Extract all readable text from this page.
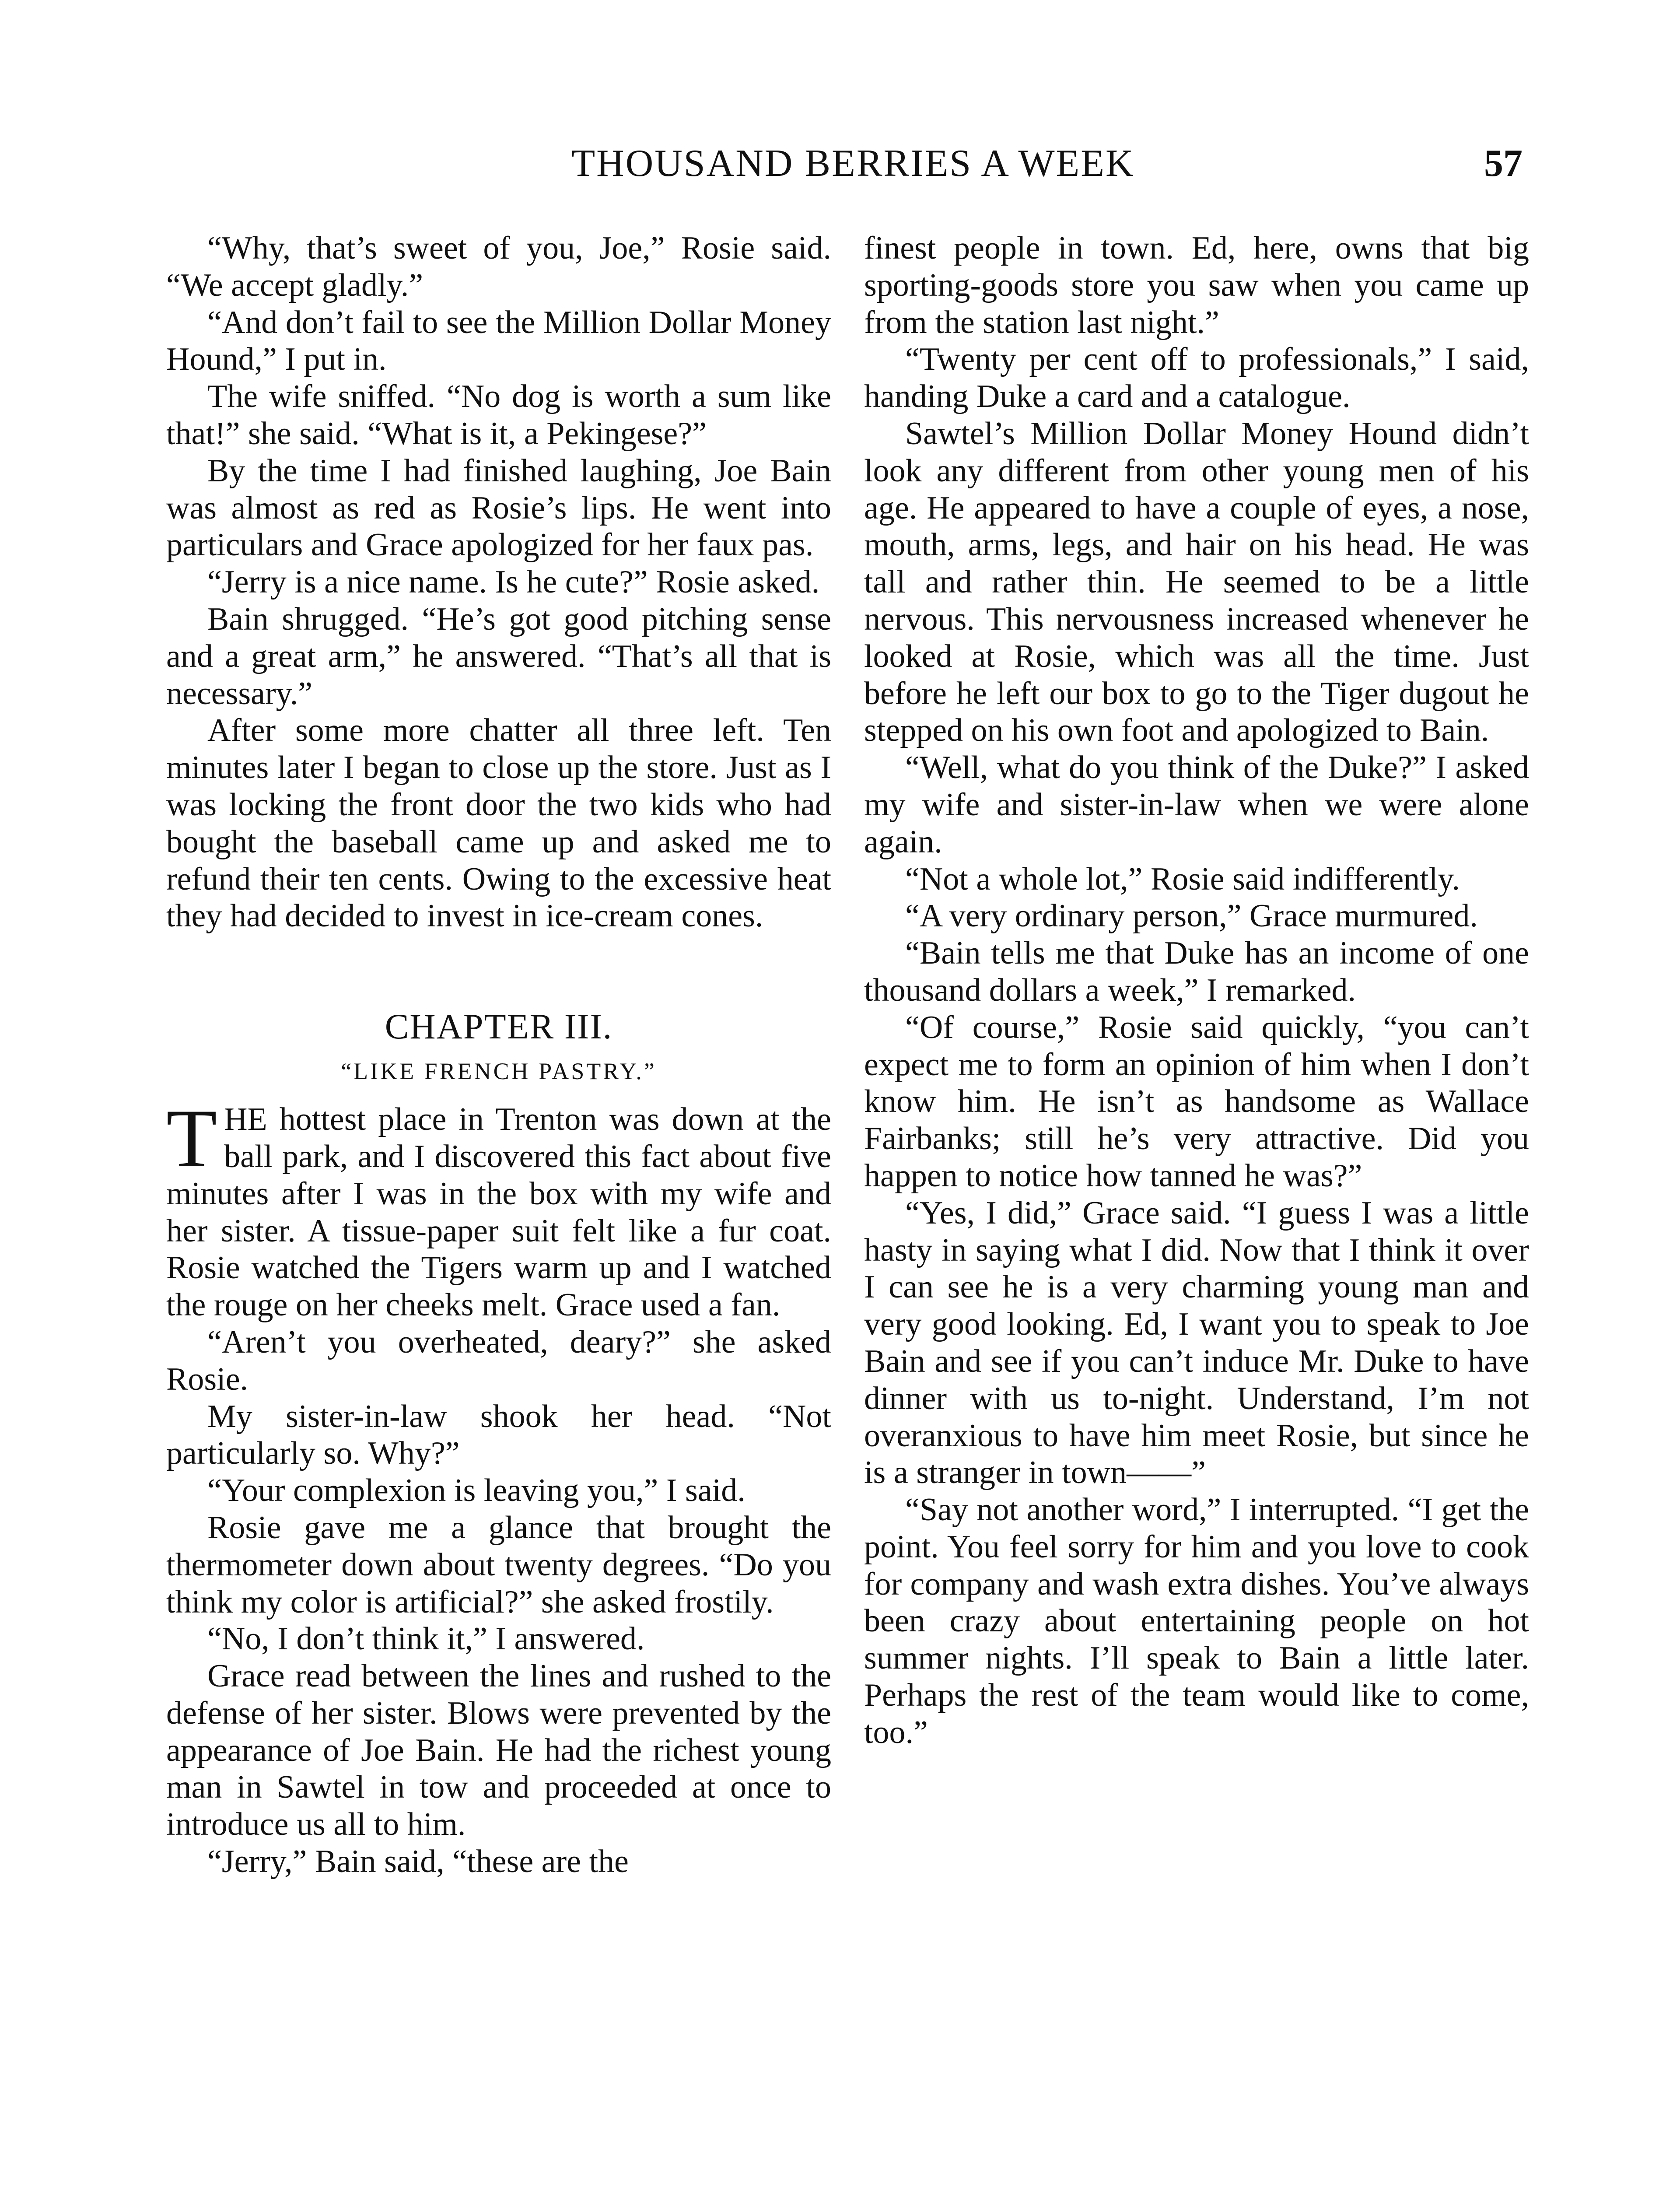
THOUSAND BERRIES A WEEK	57

“Why, that’s sweet of you, Joe,” Rosie said. “We accept gladly.”

“And don’t fail to see the Million Dollar Money Hound,” I put in.

The wife sniffed. “No dog is worth a sum like that!” she said. “What is it, a Pekingese?”

By the time I had finished laughing, Joe Bain was almost as red as Rosie’s lips. He went into particulars and Grace apologized for her faux pas.

“Jerry is a nice name. Is he cute?” Rosie asked.

Bain shrugged. “He’s got good pitching sense and a great arm,” he answered. “That’s all that is necessary.”

After some more chatter all three left. Ten minutes later I began to close up the store. Just as I was locking the front door the two kids who had bought the baseball came up and asked me to refund their ten cents. Owing to the excessive heat they had decided to invest in ice-cream cones.

CHAPTER III.
“LIKE FRENCH PASTRY.”

THE hottest place in Trenton was down at the ball park, and I discovered this fact about five minutes after I was in the box with my wife and her sister. A tissue-paper suit felt like a fur coat. Rosie watched the Tigers warm up and I watched the rouge on her cheeks melt. Grace used a fan.

“Aren’t you overheated, deary?” she asked Rosie.

My sister-in-law shook her head. “Not particularly so. Why?”

“Your complexion is leaving you,” I said.

Rosie gave me a glance that brought the thermometer down about twenty degrees. “Do you think my color is artificial?” she asked frostily.

“No, I don’t think it,” I answered.

Grace read between the lines and rushed to the defense of her sister. Blows were prevented by the appearance of Joe Bain. He had the richest young man in Sawtel in tow and proceeded at once to introduce us all to him.

“Jerry,” Bain said, “these are the

finest people in town. Ed, here, owns that big sporting-goods store you saw when you came up from the station last night.”

“Twenty per cent off to professionals,” I said, handing Duke a card and a catalogue.

Sawtel’s Million Dollar Money Hound didn’t look any different from other young men of his age. He appeared to have a couple of eyes, a nose, mouth, arms, legs, and hair on his head. He was tall and rather thin. He seemed to be a little nervous. This nervousness increased whenever he looked at Rosie, which was all the time. Just before he left our box to go to the Tiger dugout he stepped on his own foot and apologized to Bain.

“Well, what do you think of the Duke?” I asked my wife and sister-in-law when we were alone again.

“Not a whole lot,” Rosie said indifferently.

“A very ordinary person,” Grace murmured.

“Bain tells me that Duke has an income of one thousand dollars a week,” I remarked.

“Of course,” Rosie said quickly, “you can’t expect me to form an opinion of him when I don’t know him. He isn’t as handsome as Wallace Fairbanks; still he’s very attractive. Did you happen to notice how tanned he was?”

“Yes, I did,” Grace said. “I guess I was a little hasty in saying what I did. Now that I think it over I can see he is a very charming young man and very good looking. Ed, I want you to speak to Joe Bain and see if you can’t induce Mr. Duke to have dinner with us to-night. Understand, I’m not overanxious to have him meet Rosie, but since he is a stranger in town——”

“Say not another word,” I interrupted. “I get the point. You feel sorry for him and you love to cook for company and wash extra dishes. You’ve always been crazy about entertaining people on hot summer nights. I’ll speak to Bain a little later. Perhaps the rest of the team would like to come, too.”
